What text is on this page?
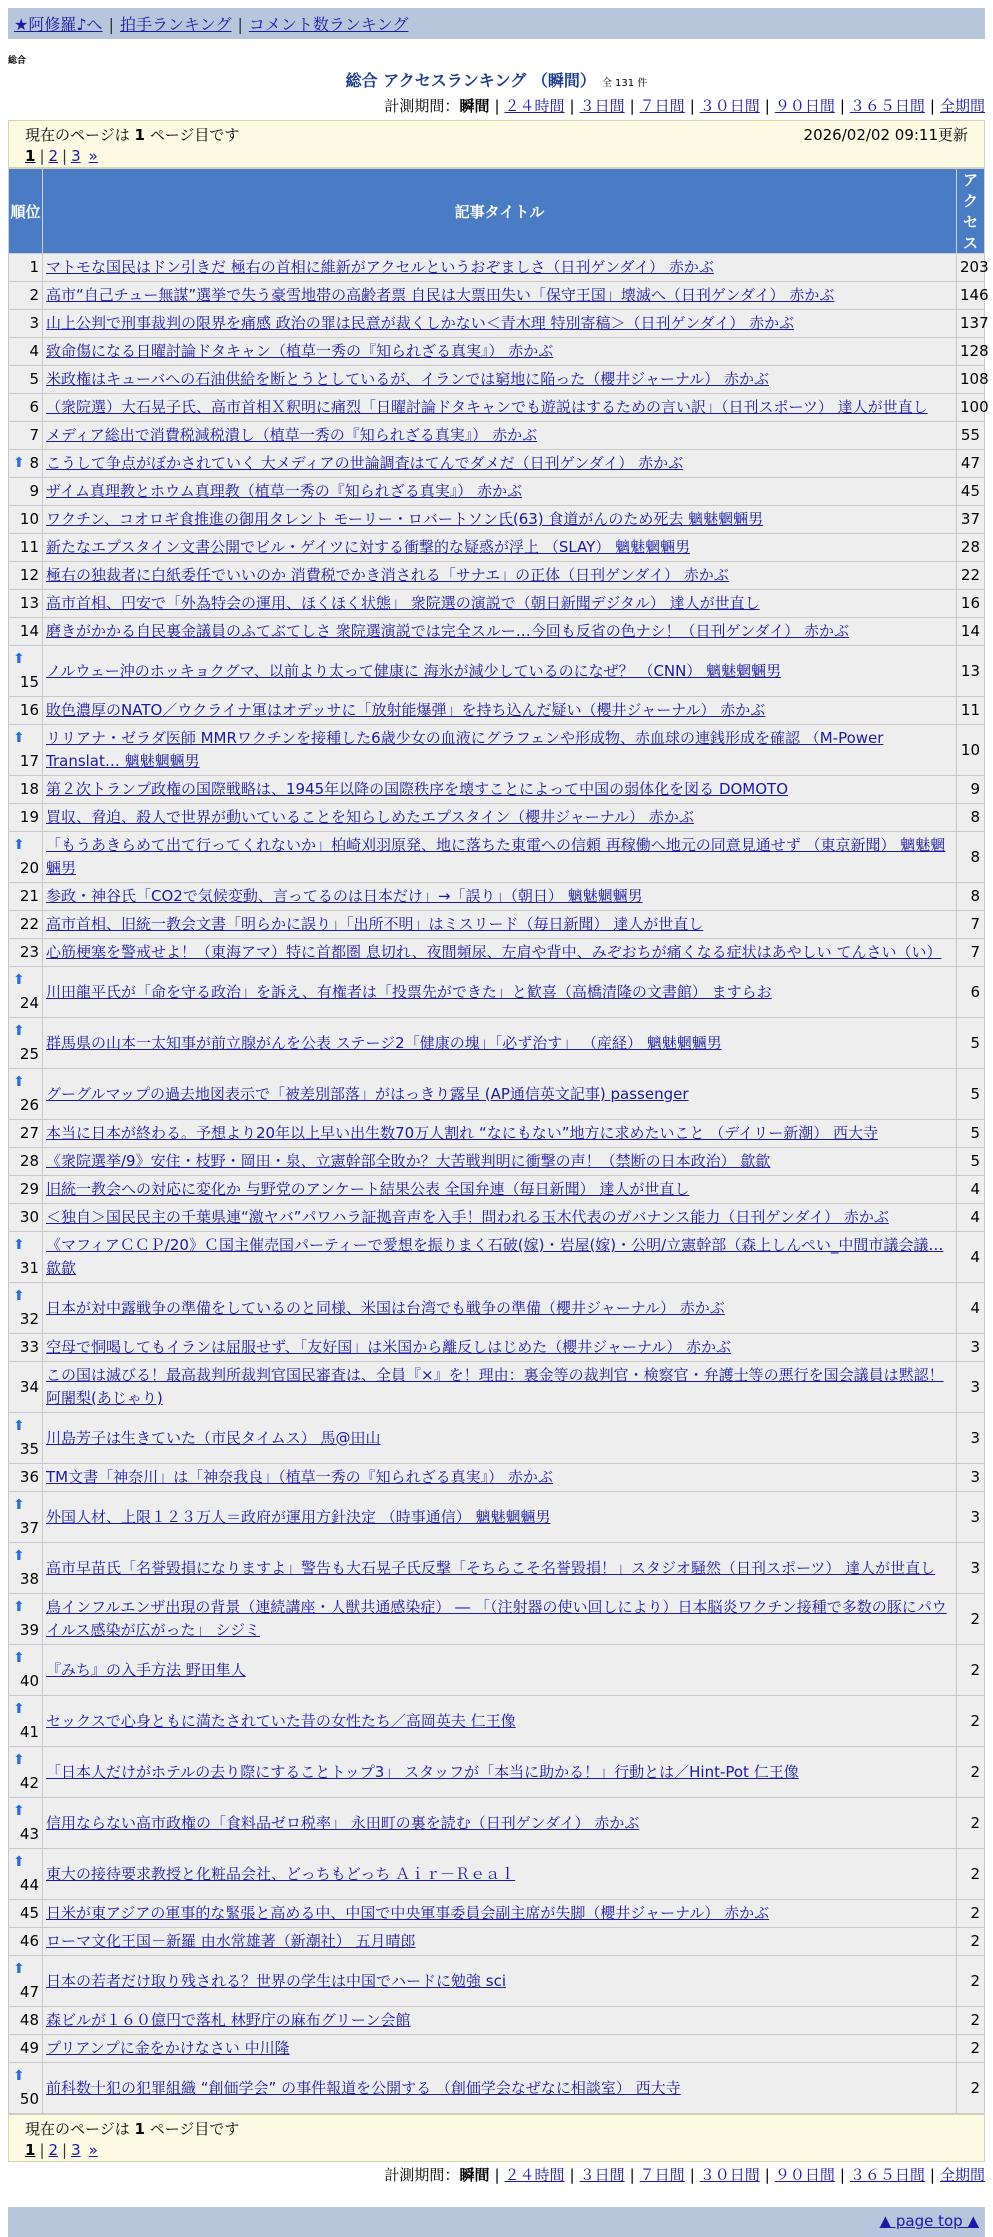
★阿修羅♪へ | 拍手ランキング | コメント数ランキング
総合
総合 アクセスランキング （瞬間） 全 131 件
計測期間：瞬間 | ２４時間 | ３日間 | ７日間 | ３０日間 | ９０日間 | ３６５日間 | 全期間
現在のページは 1 ページ目です	2026/02/02 09:11更新
1 | 2 | 3 »
順位	記事タイトル	アクセス
1	マトモな国民はドン引きだ 極右の首相に維新がアクセルというおぞましさ（日刊ゲンダイ） 赤かぶ	203
2	高市“自己チュー無謀”選挙で失う豪雪地帯の高齢者票 自民は大票田失い「保守王国」壊滅へ（日刊ゲンダイ） 赤かぶ	146
3	山上公判で刑事裁判の限界を痛感 政治の罪は民意が裁くしかない＜青木理 特別寄稿＞（日刊ゲンダイ） 赤かぶ	137
4	致命傷になる日曜討論ドタキャン（植草一秀の『知られざる真実』） 赤かぶ	128
5	米政権はキューバへの石油供給を断とうとしているが、イランでは窮地に陥った（櫻井ジャーナル） 赤かぶ	108
6	（衆院選）大石晃子氏、高市首相Ｘ釈明に痛烈「日曜討論ドタキャンでも遊説はするための言い訳」（日刊スポーツ） 達人が世直し	100
7	メディア総出で消費税減税潰し（植草一秀の『知られざる真実』） 赤かぶ	55

⬆ 8	こうして争点がぼかされていく 大メディアの世論調査はてんでダメだ（日刊ゲンダイ） 赤かぶ	47
9	ザイム真理教とホウム真理教（植草一秀の『知られざる真実』） 赤かぶ	45
10	ワクチン、コオロギ食推進の御用タレント モーリー・ロバートソン氏(63) 食道がんのため死去 魑魅魍魎男	37
11	新たなエプスタイン文書公開でビル・ゲイツに対する衝撃的な疑惑が浮上 （SLAY） 魑魅魍魎男	28
12	極右の独裁者に白紙委任でいいのか 消費税でかき消される「サナエ」の正体（日刊ゲンダイ） 赤かぶ	22
13	高市首相、円安で「外為特会の運用、ほくほく状態」 衆院選の演説で（朝日新聞デジタル） 達人が世直し	16
14	磨きがかかる自民裏金議員のふてぶてしさ 衆院選演説では完全スルー…今回も反省の色ナシ！（日刊ゲンダイ） 赤かぶ	14

⬆
15	ノルウェー沖のホッキョクグマ、以前より太って健康に 海氷が減少しているのになぜ？ （CNN） 魑魅魍魎男	13
16	敗色濃厚のNATO／ウクライナ軍はオデッサに「放射能爆弾」を持ち込んだ疑い（櫻井ジャーナル） 赤かぶ	11

⬆
17	リリアナ・ゼラダ医師 MMRワクチンを接種した6歳少女の血液にグラフェンや形成物、赤血球の連銭形成を確認 （M-Power Translat… 魑魅魍魎男	10
18	第２次トランプ政権の国際戦略は、1945年以降の国際秩序を壊すことによって中国の弱体化を図る DOMOTO	9
19	買収、脅迫、殺人で世界が動いていることを知らしめたエプスタイン（櫻井ジャーナル） 赤かぶ	8

⬆
20	「もうあきらめて出て行ってくれないか」柏崎刈羽原発、地に落ちた東電への信頼 再稼働へ地元の同意見通せず （東京新聞） 魑魅魍魎男	8
21	参政・神谷氏「CO2で気候変動、言ってるのは日本だけ」→「誤り」（朝日） 魑魅魍魎男	8
22	高市首相、旧統一教会文書「明らかに誤り」「出所不明」はミスリード（毎日新聞） 達人が世直し	7
23	心筋梗塞を警戒せよ！（東海アマ）特に首都圏 息切れ、夜間頻尿、左肩や背中、みぞおちが痛くなる症状はあやしい てんさい（い）	7

⬆
24	川田龍平氏が「命を守る政治」を訴え、有権者は「投票先ができた」と歓喜（高橋清隆の文書館） ますらお	6

⬆
25	群馬県の山本一太知事が前立腺がんを公表 ステージ2「健康の塊」「必ず治す」 （産経） 魑魅魍魎男	5

⬆
26	グーグルマップの過去地図表示で「被差別部落」がはっきり露呈 (AP通信英文記事) passenger	5
27	本当に日本が終わる。予想より20年以上早い出生数70万人割れ “なにもない”地方に求めたいこと （デイリー新潮） 西大寺	5
28	《衆院選挙/9》安住・枝野・岡田・泉、立憲幹部全敗か？大苦戦判明に衝撃の声！（禁断の日本政治） 歙歙	5
29	旧統一教会への対応に変化か 与野党のアンケート結果公表 全国弁連（毎日新聞） 達人が世直し	4
30	＜独自＞国民民主の千葉県連“激ヤバ”パワハラ証拠音声を入手！問われる玉木代表のガバナンス能力（日刊ゲンダイ） 赤かぶ	4

⬆
31	《マフィアＣＣＰ/20》Ｃ国主催売国パーティーで愛想を振りまく石破(嫁)・岩屋(嫁)・公明/立憲幹部（森上しんぺい_中間市議会議… 歙歙	4

⬆
32	日本が対中露戦争の準備をしているのと同様、米国は台湾でも戦争の準備（櫻井ジャーナル） 赤かぶ	4
33	空母で恫喝してもイランは屈服せず、「友好国」は米国から離反しはじめた（櫻井ジャーナル） 赤かぶ	3
34	この国は滅びる！最高裁判所裁判官国民審査は、全員『×』を！理由：裏金等の裁判官・検察官・弁護士等の悪行を国会議員は黙認！ 阿闍梨(あじゃり)	3

⬆
35	川島芳子は生きていた（市民タイムス） 馬@田山	3
36	TM文書「神奈川」は「神奈我良」（植草一秀の『知られざる真実』） 赤かぶ	3

⬆
37	外国人材、上限１２３万人＝政府が運用方針決定 （時事通信） 魑魅魍魎男	3

⬆
38	高市早苗氏「名誉毀損になりますよ」警告も大石晃子氏反撃「そちらこそ名誉毀損！」スタジオ騒然（日刊スポーツ） 達人が世直し	3

⬆
39	鳥インフルエンザ出現の背景（連続講座・人獣共通感染症） ― 「（注射器の使い回しにより）日本脳炎ワクチン接種で多数の豚にパウイルス感染が広がった」 シジミ	2

⬆
40	『みち』の入手方法 野田隼人	2

⬆
41	セックスで心身ともに満たされていた昔の女性たち／高岡英夫 仁王像	2

⬆
42	「日本人だけがホテルの去り際にすることトップ3」 スタッフが「本当に助かる！」行動とは／Hint-Pot 仁王像	2

⬆
43	信用ならない高市政権の「食料品ゼロ税率」 永田町の裏を読む（日刊ゲンダイ） 赤かぶ	2

⬆
44	東大の接待要求教授と化粧品会社、どっちもどっち Ａｉｒ－Ｒｅａｌ	2
45	日米が東アジアの軍事的な緊張と高める中、中国で中央軍事委員会副主席が失脚（櫻井ジャーナル） 赤かぶ	2
46	ローマ文化王国－新羅 由水常雄著（新潮社） 五月晴郎	2

⬆
47	日本の若者だけ取り残される？世界の学生は中国でハードに勉強 sci	2
48	森ビルが１６０億円で落札 林野庁の麻布グリーン会館	2
49	プリアンプに金をかけなさい 中川隆	2

⬆
50	前科数十犯の犯罪組織 “創価学会” の事件報道を公開する （創価学会なぜなに相談室） 西大寺	2
現在のページは 1 ページ目です
1 | 2 | 3 »
計測期間：瞬間 | ２４時間 | ３日間 | ７日間 | ３０日間 | ９０日間 | ３６５日間 | 全期間
▲ page top ▲
